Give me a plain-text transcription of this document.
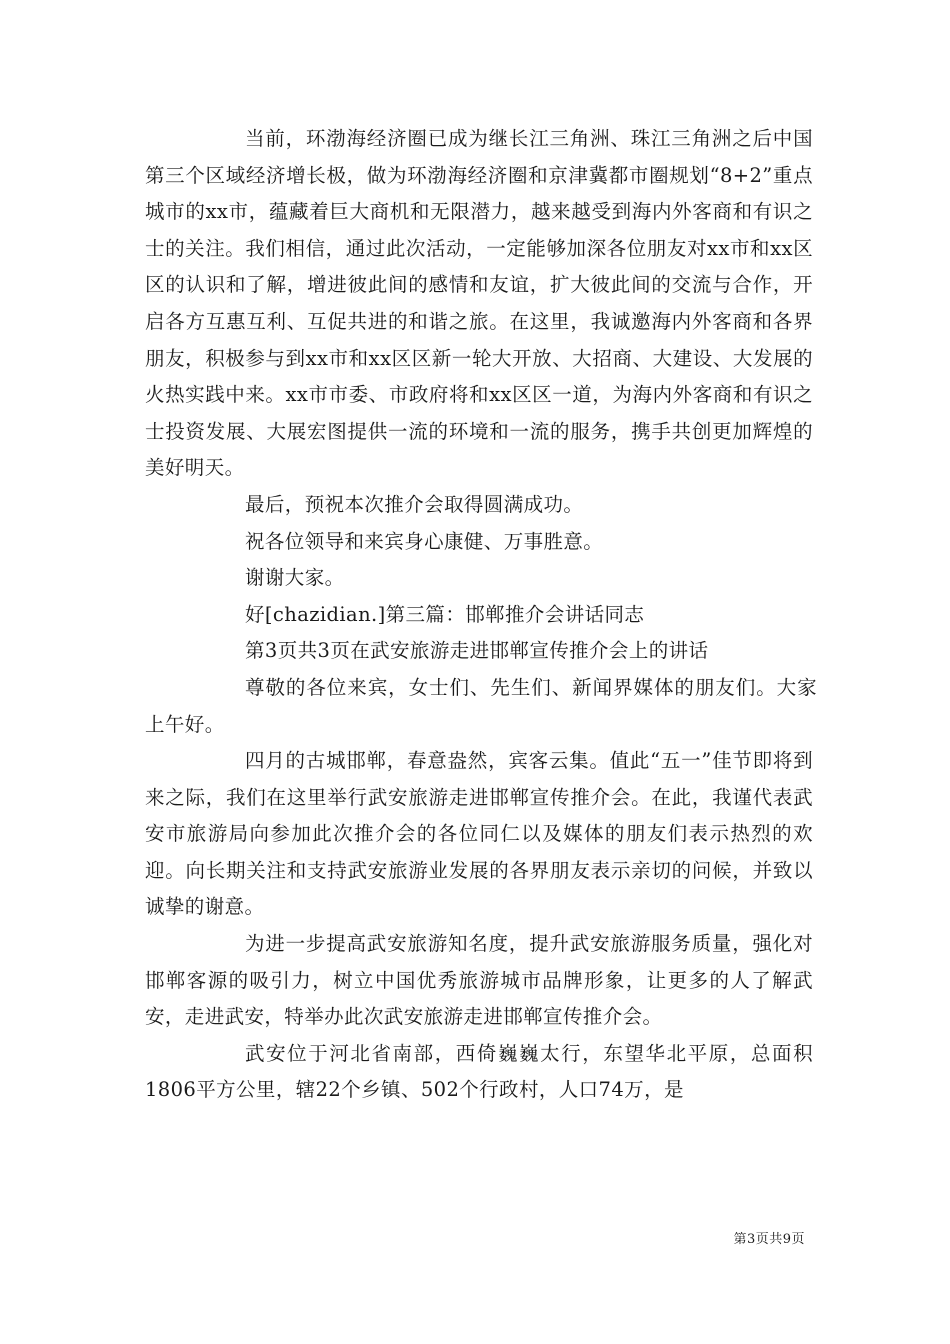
当前，环渤海经济圈已成为继长江三角洲、珠江三角洲之后中国第三个区域经济增长极，做为环渤海经济圈和京津冀都市圈规划“8+2”重点城市的xx市，蕴藏着巨大商机和无限潜力，越来越受到海内外客商和有识之士的关注。我们相信，通过此次活动，一定能够加深各位朋友对xx市和xx区区的认识和了解，增进彼此间的感情和友谊，扩大彼此间的交流与合作，开启各方互惠互利、互促共进的和谐之旅。在这里，我诚邀海内外客商和各界朋友，积极参与到xx市和xx区区新一轮大开放、大招商、大建设、大发展的火热实践中来。xx市市委、市政府将和xx区区一道，为海内外客商和有识之士投资发展、大展宏图提供一流的环境和一流的服务，携手共创更加辉煌的美好明天。

最后，预祝本次推介会取得圆满成功。

祝各位领导和来宾身心康健、万事胜意。

谢谢大家。

好[chazidian.]第三篇：邯郸推介会讲话同志

第3页共3页在武安旅游走进邯郸宣传推介会上的讲话

尊敬的各位来宾，女士们、先生们、新闻界媒体的朋友们。大家上午好。

四月的古城邯郸，春意盎然，宾客云集。值此“五一”佳节即将到来之际，我们在这里举行武安旅游走进邯郸宣传推介会。在此，我谨代表武安市旅游局向参加此次推介会的各位同仁以及媒体的朋友们表示热烈的欢迎。向长期关注和支持武安旅游业发展的各界朋友表示亲切的问候，并致以诚挚的谢意。

为进一步提高武安旅游知名度，提升武安旅游服务质量，强化对邯郸客源的吸引力，树立中国优秀旅游城市品牌形象，让更多的人了解武安，走进武安，特举办此次武安旅游走进邯郸宣传推介会。

武安位于河北省南部，西倚巍巍太行，东望华北平原，总面积1806平方公里，辖22个乡镇、502个行政村，人口74万，是

第3页共9页
